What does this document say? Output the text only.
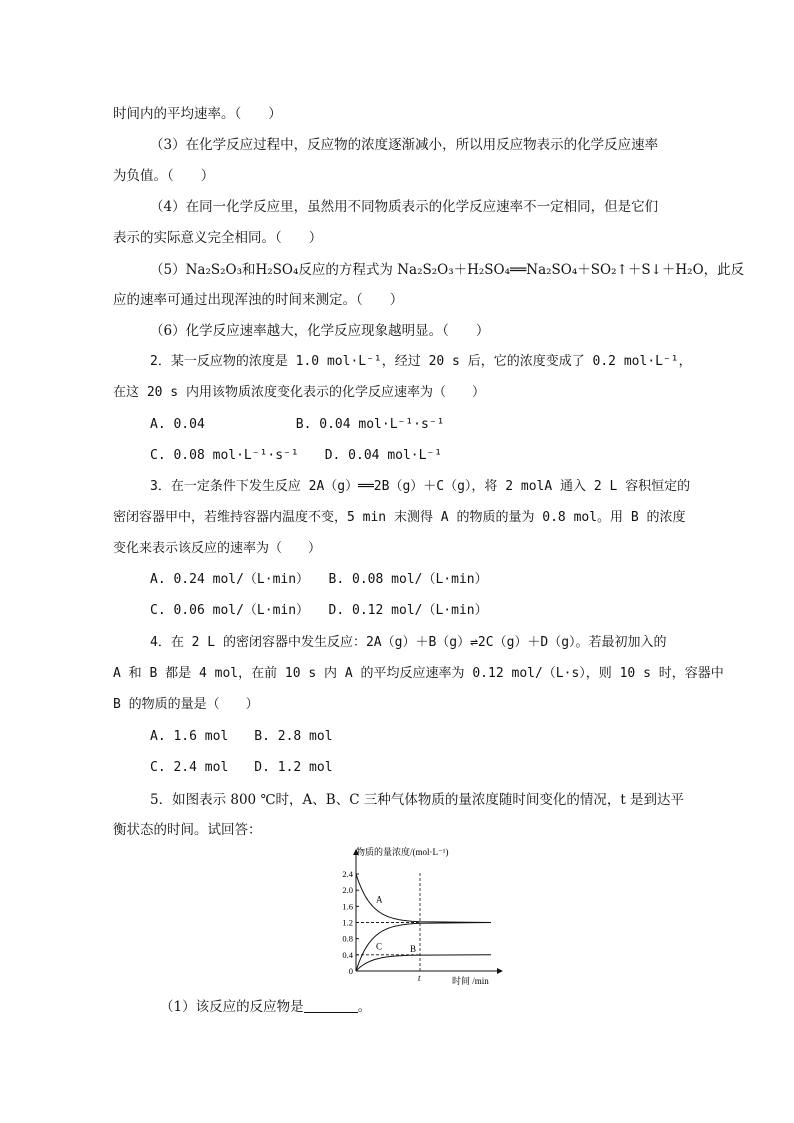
时间内的平均速率。（　　）
（3）在化学反应过程中，反应物的浓度逐渐减小，所以用反应物表示的化学反应速率
为负值。（　　）
（4）在同一化学反应里，虽然用不同物质表示的化学反应速率不一定相同，但是它们
表示的实际意义完全相同。（　　）
（5）Na₂S₂O₃和H₂SO₄反应的方程式为 Na₂S₂O₃＋H₂SO₄══Na₂SO₄＋SO₂↑＋S↓＋H₂O，此反
应的速率可通过出现浑浊的时间来测定。（　　）
（6）化学反应速率越大，化学反应现象越明显。（　　）
2．某一反应物的浓度是 1.0 mol·L⁻¹，经过 20 s 后，它的浓度变成了 0.2 mol·L⁻¹，
在这 20 s 内用该物质浓度变化表示的化学反应速率为（　　）
A. 0.04　　　　　　　B. 0.04 mol·L⁻¹·s⁻¹
C. 0.08 mol·L⁻¹·s⁻¹　　D. 0.04 mol·L⁻¹
3．在一定条件下发生反应 2A（g）══2B（g）＋C（g），将 2 molA 通入 2 L 容积恒定的
密闭容器甲中，若维持容器内温度不变，5 min 末测得 A 的物质的量为 0.8 mol。用 B 的浓度
变化来表示该反应的速率为（　　）
A. 0.24 mol/（L·min）　　B. 0.08 mol/（L·min）
C. 0.06 mol/（L·min）　　D. 0.12 mol/（L·min）
4．在 2 L 的密闭容器中发生反应：2A（g）＋B（g）⇌2C（g）＋D（g）。若最初加入的
A 和 B 都是 4 mol，在前 10 s 内 A 的平均反应速率为 0.12 mol/（L·s），则 10 s 时，容器中
B 的物质的量是（　　）
A. 1.6 mol　　B. 2.8 mol
C. 2.4 mol　　D. 1.2 mol
5．如图表示 800 ℃时，A、B、C 三种气体物质的量浓度随时间变化的情况，t 是到达平
衡状态的时间。试回答：
（1）该反应的反应物是	。
物质的量浓度/(mol·L⁻¹)
时间 /min
2.4
2.0
1.6
1.2
0.8
0.4
0
A
C	B
t
